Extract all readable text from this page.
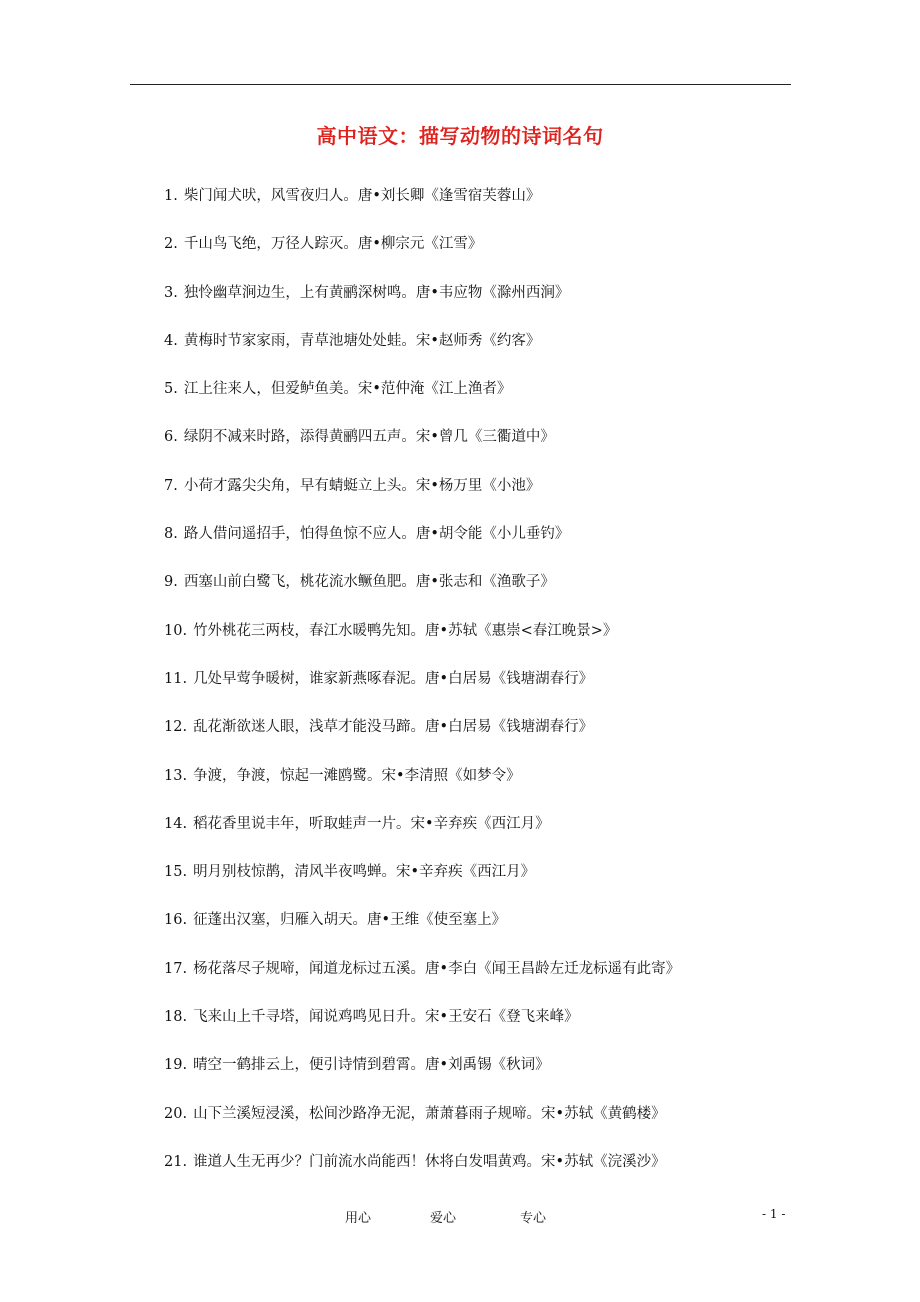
高中语文：描写动物的诗词名句
1. 柴门闻犬吠，风雪夜归人。唐•刘长卿《逢雪宿芙蓉山》
2. 千山鸟飞绝，万径人踪灭。唐•柳宗元《江雪》
3. 独怜幽草涧边生，上有黄鹂深树鸣。唐•韦应物《滁州西涧》
4. 黄梅时节家家雨，青草池塘处处蛙。宋•赵师秀《约客》
5. 江上往来人，但爱鲈鱼美。宋•范仲淹《江上渔者》
6. 绿阴不减来时路，添得黄鹂四五声。宋•曾几《三衢道中》
7. 小荷才露尖尖角，早有蜻蜓立上头。宋•杨万里《小池》
8. 路人借问遥招手，怕得鱼惊不应人。唐•胡令能《小儿垂钓》
9. 西塞山前白鹭飞，桃花流水鳜鱼肥。唐•张志和《渔歌子》
10. 竹外桃花三两枝，春江水暖鸭先知。唐•苏轼《惠崇<春江晚景>》
11. 几处早莺争暖树，谁家新燕啄春泥。唐•白居易《钱塘湖春行》
12. 乱花渐欲迷人眼，浅草才能没马蹄。唐•白居易《钱塘湖春行》
13. 争渡，争渡，惊起一滩鸥鹭。宋•李清照《如梦令》
14. 稻花香里说丰年，听取蛙声一片。宋•辛弃疾《西江月》
15. 明月别枝惊鹊，清风半夜鸣蝉。宋•辛弃疾《西江月》
16. 征蓬出汉塞，归雁入胡天。唐•王维《使至塞上》
17. 杨花落尽子规啼，闻道龙标过五溪。唐•李白《闻王昌龄左迁龙标遥有此寄》
18. 飞来山上千寻塔，闻说鸡鸣见日升。宋•王安石《登飞来峰》
19. 晴空一鹤排云上，便引诗情到碧霄。唐•刘禹锡《秋词》
20. 山下兰溪短浸溪，松间沙路净无泥，萧萧暮雨子规啼。宋•苏轼《黄鹤楼》
21. 谁道人生无再少？门前流水尚能西！休将白发唱黄鸡。宋•苏轼《浣溪沙》
用心	爱心	专心	- 1 -
